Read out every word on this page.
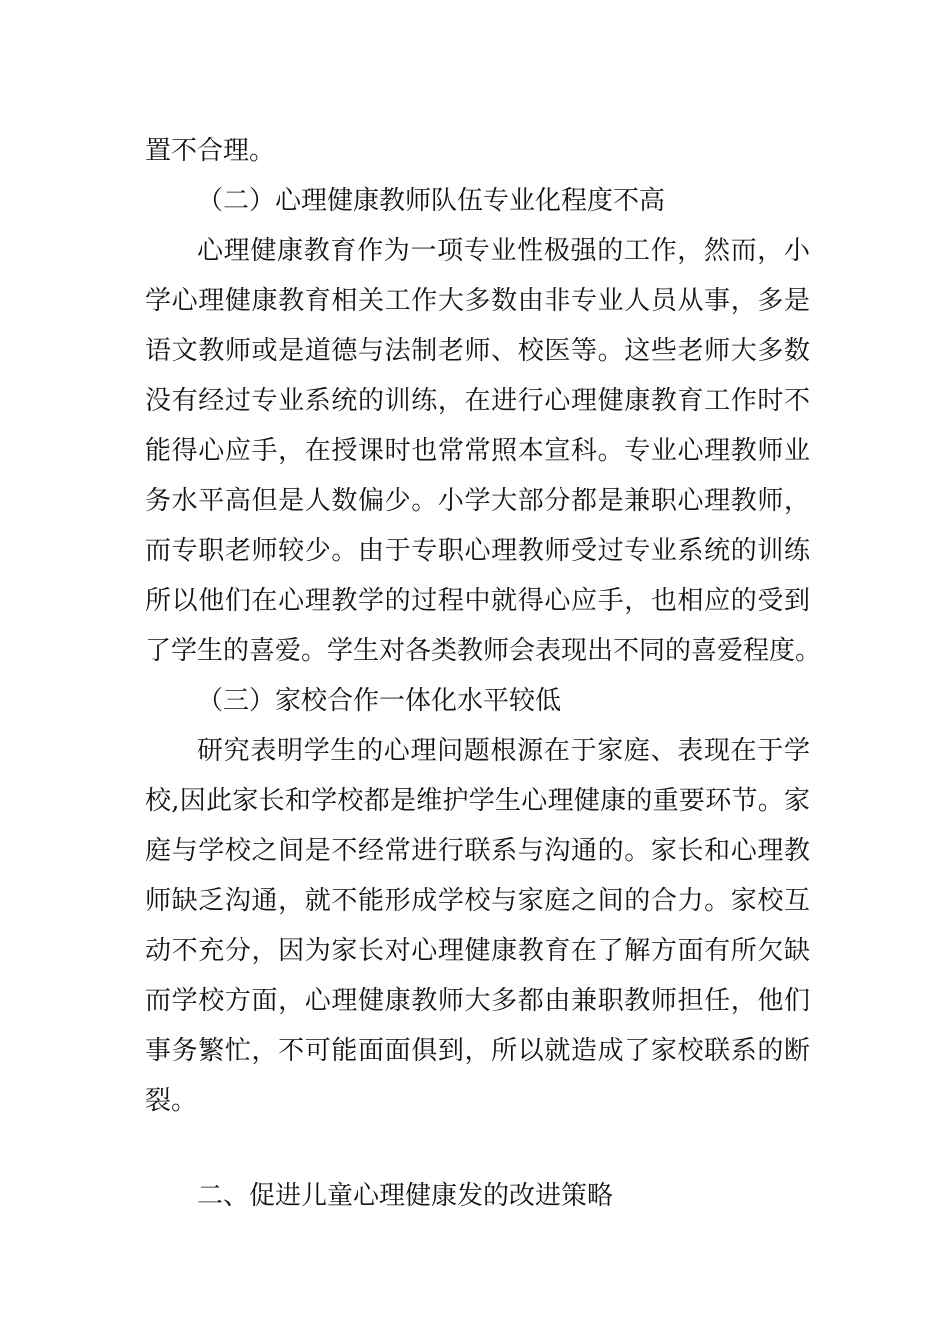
置不合理。
（二）心理健康教师队伍专业化程度不高
心理健康教育作为一项专业性极强的工作，然而，小
学心理健康教育相关工作大多数由非专业人员从事，多是
语文教师或是道德与法制老师、校医等。这些老师大多数
没有经过专业系统的训练，在进行心理健康教育工作时不
能得心应手，在授课时也常常照本宣科。专业心理教师业
务水平高但是人数偏少。小学大部分都是兼职心理教师，
而专职老师较少。由于专职心理教师受过专业系统的训练
所以他们在心理教学的过程中就得心应手，也相应的受到
了学生的喜爱。学生对各类教师会表现出不同的喜爱程度。
（三）家校合作一体化水平较低
研究表明学生的心理问题根源在于家庭、表现在于学
校,因此家长和学校都是维护学生心理健康的重要环节。家
庭与学校之间是不经常进行联系与沟通的。家长和心理教
师缺乏沟通，就不能形成学校与家庭之间的合力。家校互
动不充分，因为家长对心理健康教育在了解方面有所欠缺
而学校方面，心理健康教师大多都由兼职教师担任，他们
事务繁忙，不可能面面俱到，所以就造成了家校联系的断
裂。
二、促进儿童心理健康发的改进策略
